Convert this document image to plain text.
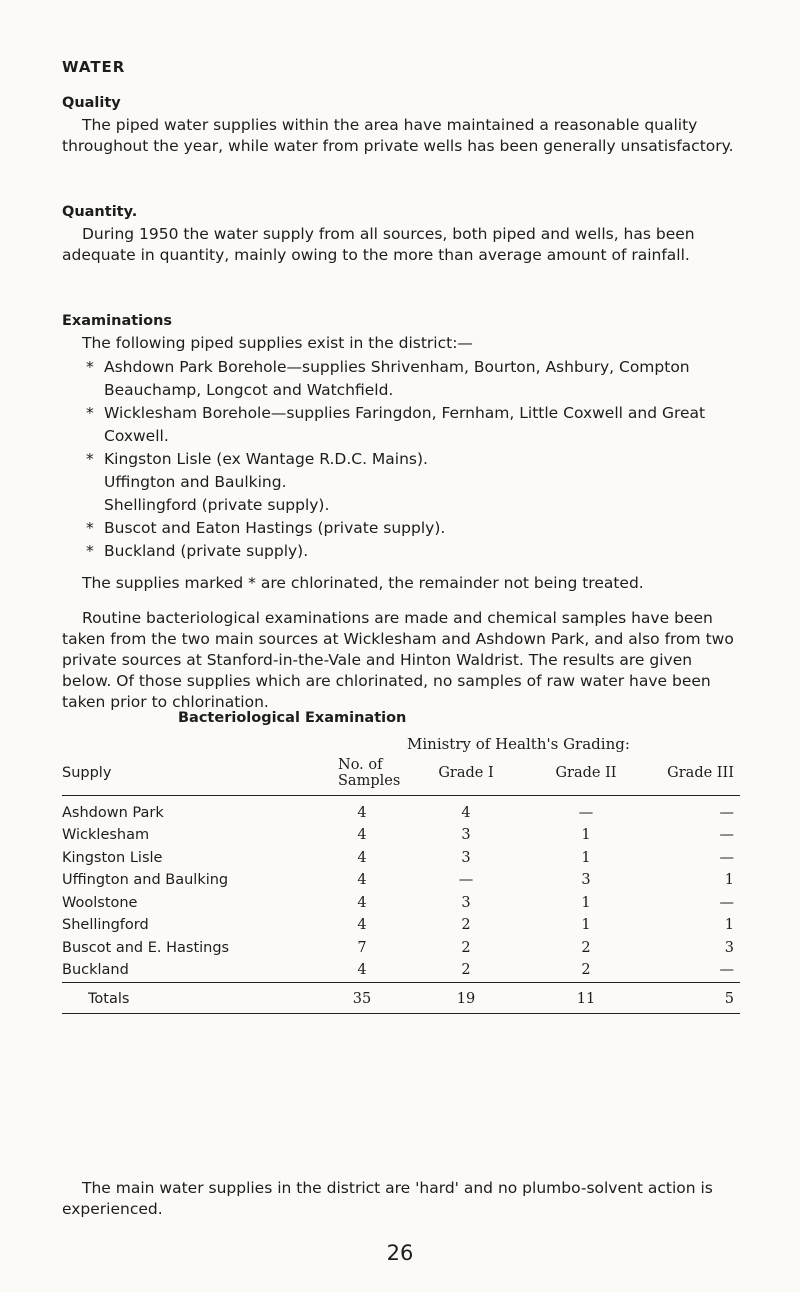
WATER
Quality

The piped water supplies within the area have maintained a reasonable quality throughout the year, while water from private wells has been generally unsatisfactory.

Quantity.

During 1950 the water supply from all sources, both piped and wells, has been adequate in quantity, mainly owing to the more than average amount of rainfall.

Examinations

The following piped supplies exist in the district:—

* Ashdown Park Borehole—supplies Shrivenham, Bourton, Ashbury, Compton Beauchamp, Longcot and Watchfield.
* Wicklesham Borehole—supplies Faringdon, Fernham, Little Coxwell and Great Coxwell.
* Kingston Lisle (ex Wantage R.D.C. Mains).
Uffington and Baulking.
Shellingford (private supply).
* Buscot and Eaton Hastings (private supply).
* Buckland (private supply).

The supplies marked * are chlorinated, the remainder not being treated.

Routine bacteriological examinations are made and chemical samples have been taken from the two main sources at Wicklesham and Ashdown Park, and also from two private sources at Stanford-in-the-Vale and Hinton Waldrist. The results are given below. Of those supplies which are chlorinated, no samples of raw water have been taken prior to chlorination.

Bacteriological Examination
Ministry of Health's Grading:
Supply	No. of Samples	Grade I	Grade II	Grade III
Ashdown Park	4	4	—	—
Wicklesham	4	3	1	—
Kingston Lisle	4	3	1	—
Uffington and Baulking	4	—	3	1
Woolstone	4	3	1	—
Shellingford	4	2	1	1
Buscot and E. Hastings	7	2	2	3
Buckland	4	2	2	—
Totals	35	19	11	5

The main water supplies in the district are 'hard' and no plumbo-solvent action is experienced.

26
